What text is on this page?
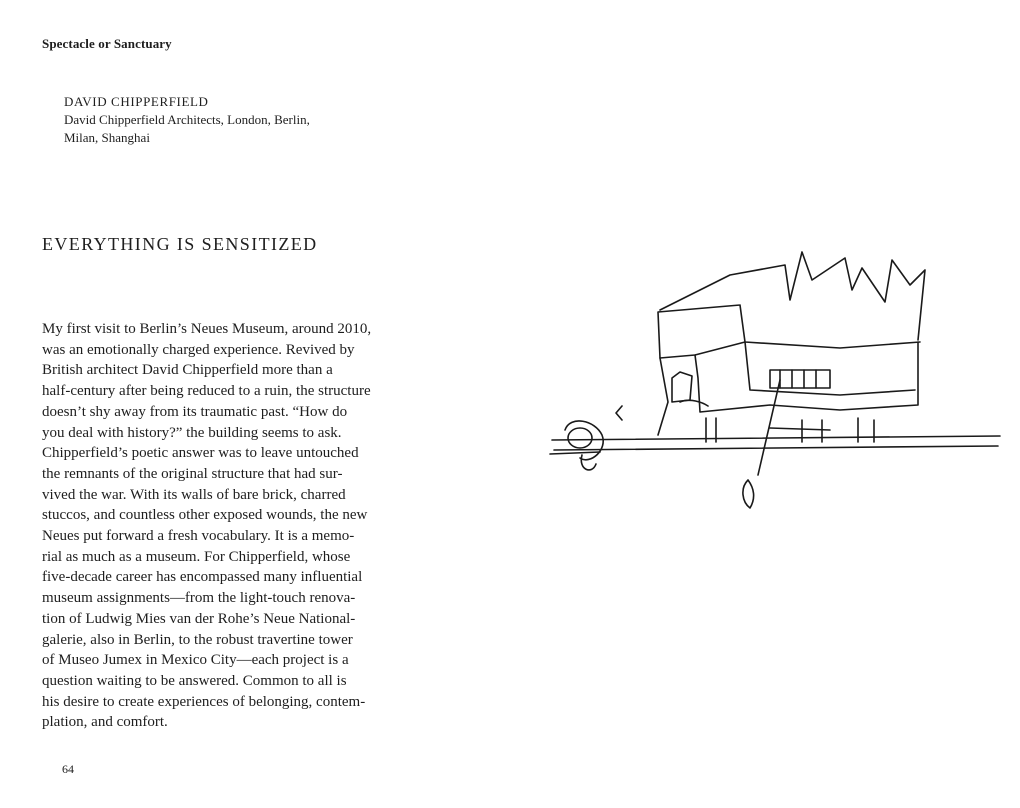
Spectacle or Sanctuary
DAVID CHIPPERFIELD
David Chipperfield Architects, London, Berlin,
Milan, Shanghai
EVERYTHING IS SENSITIZED
My first visit to Berlin’s Neues Museum, around 2010,
was an emotionally charged experience. Revived by
British architect David Chipperfield more than a
half-century after being reduced to a ruin, the structure
doesn’t shy away from its traumatic past. “How do
you deal with history?” the building seems to ask.
Chipperfield’s poetic answer was to leave untouched
the remnants of the original structure that had sur-
vived the war. With its walls of bare brick, charred
stuccos, and countless other exposed wounds, the new
Neues put forward a fresh vocabulary. It is a memo-
rial as much as a museum. For Chipperfield, whose
five-decade career has encompassed many influential
museum assignments—from the light-touch renova-
tion of Ludwig Mies van der Rohe’s Neue National-
galerie, also in Berlin, to the robust travertine tower
of Museo Jumex in Mexico City—each project is a
question waiting to be answered. Common to all is
his desire to create experiences of belonging, contem-
plation, and comfort.
64
